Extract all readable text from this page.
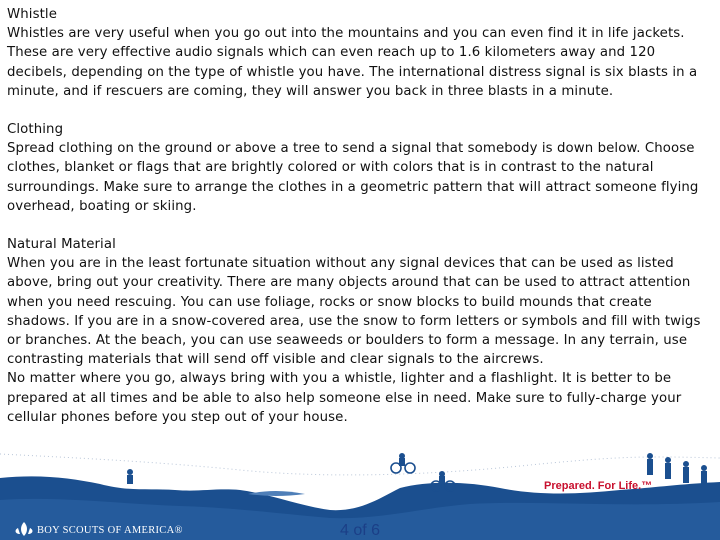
Whistle

Whistles are very useful when you go out into the mountains and you can even find it in life jackets. These are very effective audio signals which can even reach up to 1.6 kilometers away and 120 decibels, depending on the type of whistle you have. The international distress signal is six blasts in a minute, and if rescuers are coming, they will answer you back in three blasts in a minute.

Clothing

Spread clothing on the ground or above a tree to send a signal that somebody is down below. Choose clothes, blanket or flags that are brightly colored or with colors that is in contrast to the natural surroundings. Make sure to arrange the clothes in a geometric pattern that will attract someone flying overhead, boating or skiing.

Natural Material

When you are in the least fortunate situation without any signal devices that can be used as listed above, bring out your creativity. There are many objects around that can be used to attract attention when you need rescuing. You can use foliage, rocks or snow blocks to build mounds that create shadows. If you are in a snow-covered area, use the snow to form letters or symbols and fill with twigs or branches. At the beach, you can use seaweeds or boulders to form a message. In any terrain, use contrasting materials that will send off visible and clear signals to the aircrews.

No matter where you go, always bring with you a whistle, lighter and a flashlight. It is better to be prepared at all times and be able to also help someone else in need. Make sure to fully-charge your cellular phones before you step out of your house.

Prepared. For Life.™
BOY SCOUTS OF AMERICA®	4 of 6
